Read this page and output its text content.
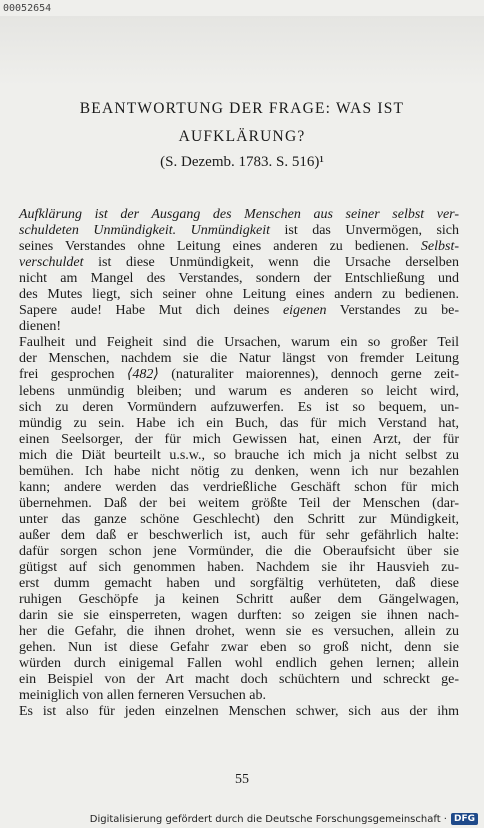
00052654
BEANTWORTUNG DER FRAGE: WAS IST
AUFKLÄRUNG?
(S. Dezemb. 1783. S. 516)¹
Aufklärung ist der Ausgang des Menschen aus seiner selbst ver-
schuldeten Unmündigkeit. Unmündigkeit ist das Unvermögen, sich
seines Verstandes ohne Leitung eines anderen zu bedienen. Selbst-
verschuldet ist diese Unmündigkeit, wenn die Ursache derselben
nicht am Mangel des Verstandes, sondern der Entschließung und
des Mutes liegt, sich seiner ohne Leitung eines andern zu bedienen.
Sapere aude! Habe Mut dich deines eigenen Verstandes zu be-
dienen!
Faulheit und Feigheit sind die Ursachen, warum ein so großer Teil
der Menschen, nachdem sie die Natur längst von fremder Leitung
frei gesprochen ⟨482⟩ (naturaliter maiorennes), dennoch gerne zeit-
lebens unmündig bleiben; und warum es anderen so leicht wird,
sich zu deren Vormündern aufzuwerfen. Es ist so bequem, un-
mündig zu sein. Habe ich ein Buch, das für mich Verstand hat,
einen Seelsorger, der für mich Gewissen hat, einen Arzt, der für
mich die Diät beurteilt u.s.w., so brauche ich mich ja nicht selbst zu
bemühen. Ich habe nicht nötig zu denken, wenn ich nur bezahlen
kann; andere werden das verdrießliche Geschäft schon für mich
übernehmen. Daß der bei weitem größte Teil der Menschen (dar-
unter das ganze schöne Geschlecht) den Schritt zur Mündigkeit,
außer dem daß er beschwerlich ist, auch für sehr gefährlich halte:
dafür sorgen schon jene Vormünder, die die Oberaufsicht über sie
gütigst auf sich genommen haben. Nachdem sie ihr Hausvieh zu-
erst dumm gemacht haben und sorgfältig verhüteten, daß diese
ruhigen Geschöpfe ja keinen Schritt außer dem Gängelwagen,
darin sie sie einsperreten, wagen durften: so zeigen sie ihnen nach-
her die Gefahr, die ihnen drohet, wenn sie es versuchen, allein zu
gehen. Nun ist diese Gefahr zwar eben so groß nicht, denn sie
würden durch einigemal Fallen wohl endlich gehen lernen; allein
ein Beispiel von der Art macht doch schüchtern und schreckt ge-
meiniglich von allen ferneren Versuchen ab.
Es ist also für jeden einzelnen Menschen schwer, sich aus der ihm
55
Digitalisierung gefördert durch die Deutsche Forschungsgemeinschaft · DFG
